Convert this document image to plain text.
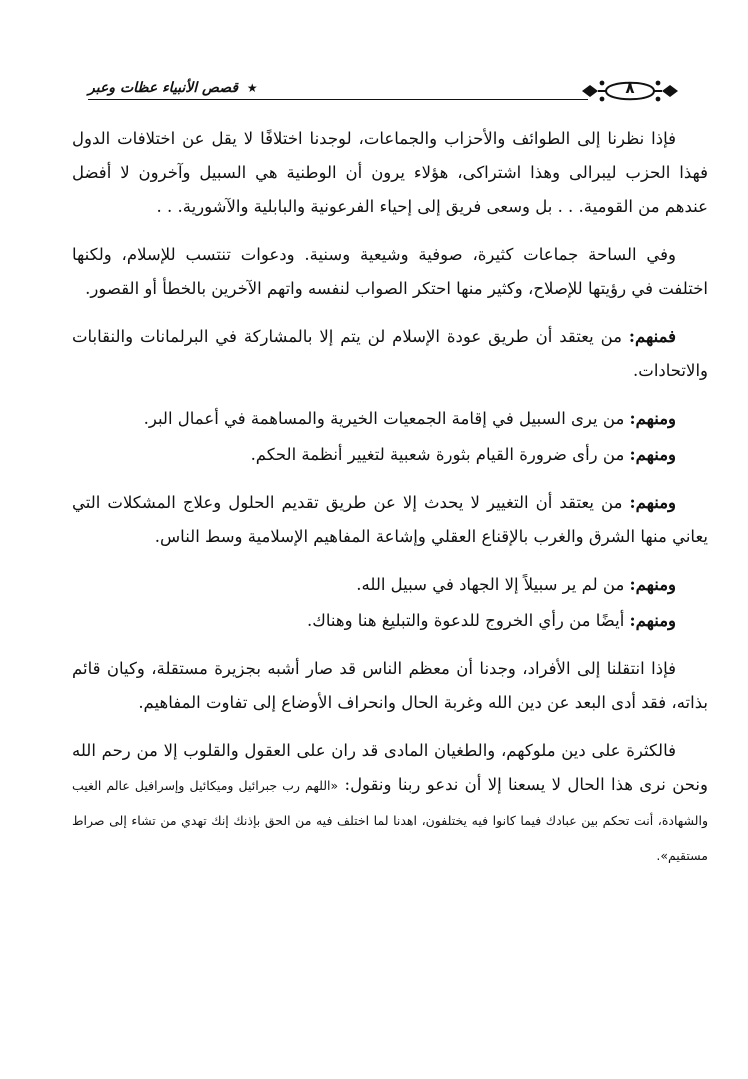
★ قصص الأنبياء عظات وعبر	٨

فإذا نظرنا إلى الطوائف والأحزاب والجماعات، لوجدنا اختلافًا لا يقل عن اختلافات الدول فهذا الحزب ليبرالى وهذا اشتراكى، هؤلاء يرون أن الوطنية هي السبيل وآخرون لا أفضل عندهم من القومية. . . بل وسعى فريق إلى إحياء الفرعونية والبابلية والآشورية. . .

وفي الساحة جماعات كثيرة، صوفية وشيعية وسنية. ودعوات تنتسب للإسلام، ولكنها اختلفت في رؤيتها للإصلاح، وكثير منها احتكر الصواب لنفسه واتهم الآخرين بالخطأ أو القصور.

فمنهم: من يعتقد أن طريق عودة الإسلام لن يتم إلا بالمشاركة في البرلمانات والنقابات والاتحادات.

ومنهم: من يرى السبيل في إقامة الجمعيات الخيرية والمساهمة في أعمال البر.

ومنهم: من رأى ضرورة القيام بثورة شعبية لتغيير أنظمة الحكم.

ومنهم: من يعتقد أن التغيير لا يحدث إلا عن طريق تقديم الحلول وعلاج المشكلات التي يعاني منها الشرق والغرب بالإقناع العقلي وإشاعة المفاهيم الإسلامية وسط الناس.

ومنهم: من لم ير سبيلاً إلا الجهاد في سبيل الله.

ومنهم: أيضًا من رأي الخروج للدعوة والتبليغ هنا وهناك.

فإذا انتقلنا إلى الأفراد، وجدنا أن معظم الناس قد صار أشبه بجزيرة مستقلة، وكيان قائم بذاته، فقد أدى البعد عن دين الله وغربة الحال وانحراف الأوضاع إلى تفاوت المفاهيم.

فالكثرة على دين ملوكهم، والطغيان المادى قد ران على العقول والقلوب إلا من رحم الله ونحن نرى هذا الحال لا يسعنا إلا أن ندعو ربنا ونقول: «اللهم رب جبرائيل وميكائيل وإسرافيل عالم الغيب والشهادة، أنت تحكم بين عبادك فيما كانوا فيه يختلفون، اهدنا لما اختلف فيه من الحق بإذنك إنك تهدي من تشاء إلى صراط مستقيم».
